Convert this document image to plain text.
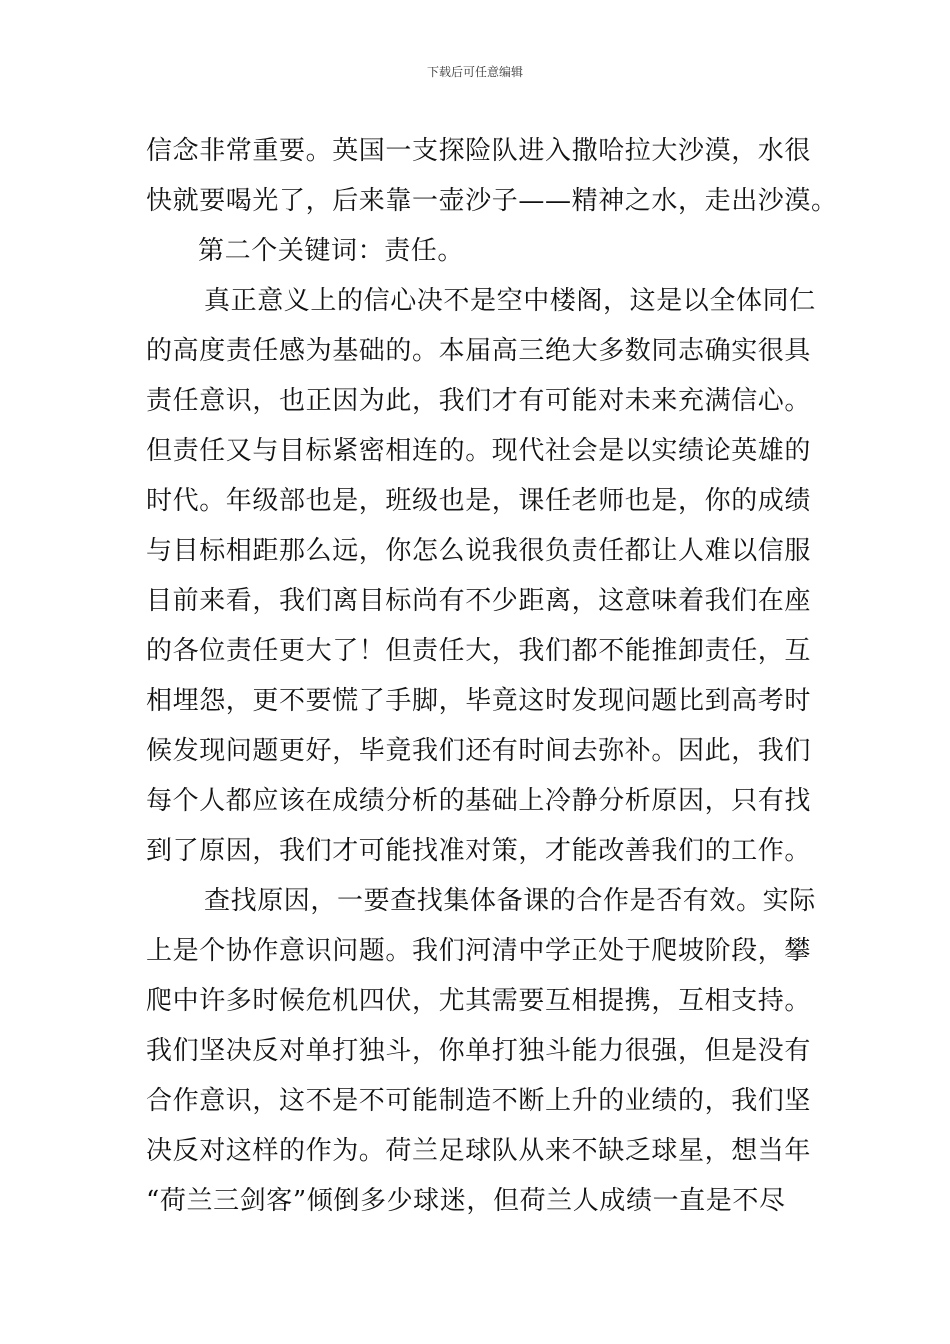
下载后可任意编辑
信念非常重要。英国一支探险队进入撒哈拉大沙漠，水很
快就要喝光了，后来靠一壶沙子——精神之水，走出沙漠。
第二个关键词：责任。
真正意义上的信心决不是空中楼阁，这是以全体同仁
的高度责任感为基础的。本届高三绝大多数同志确实很具
责任意识，也正因为此，我们才有可能对未来充满信心。
但责任又与目标紧密相连的。现代社会是以实绩论英雄的
时代。年级部也是，班级也是，课任老师也是，你的成绩
与目标相距那么远，你怎么说我很负责任都让人难以信服
目前来看，我们离目标尚有不少距离，这意味着我们在座
的各位责任更大了！但责任大，我们都不能推卸责任，互
相埋怨，更不要慌了手脚，毕竟这时发现问题比到高考时
候发现问题更好，毕竟我们还有时间去弥补。因此，我们
每个人都应该在成绩分析的基础上冷静分析原因，只有找
到了原因，我们才可能找准对策，才能改善我们的工作。
查找原因，一要查找集体备课的合作是否有效。实际
上是个协作意识问题。我们河清中学正处于爬坡阶段，攀
爬中许多时候危机四伏，尤其需要互相提携，互相支持。
我们坚决反对单打独斗，你单打独斗能力很强，但是没有
合作意识，这不是不可能制造不断上升的业绩的，我们坚
决反对这样的作为。荷兰足球队从来不缺乏球星，想当年
“荷兰三剑客”倾倒多少球迷，但荷兰人成绩一直是不尽
